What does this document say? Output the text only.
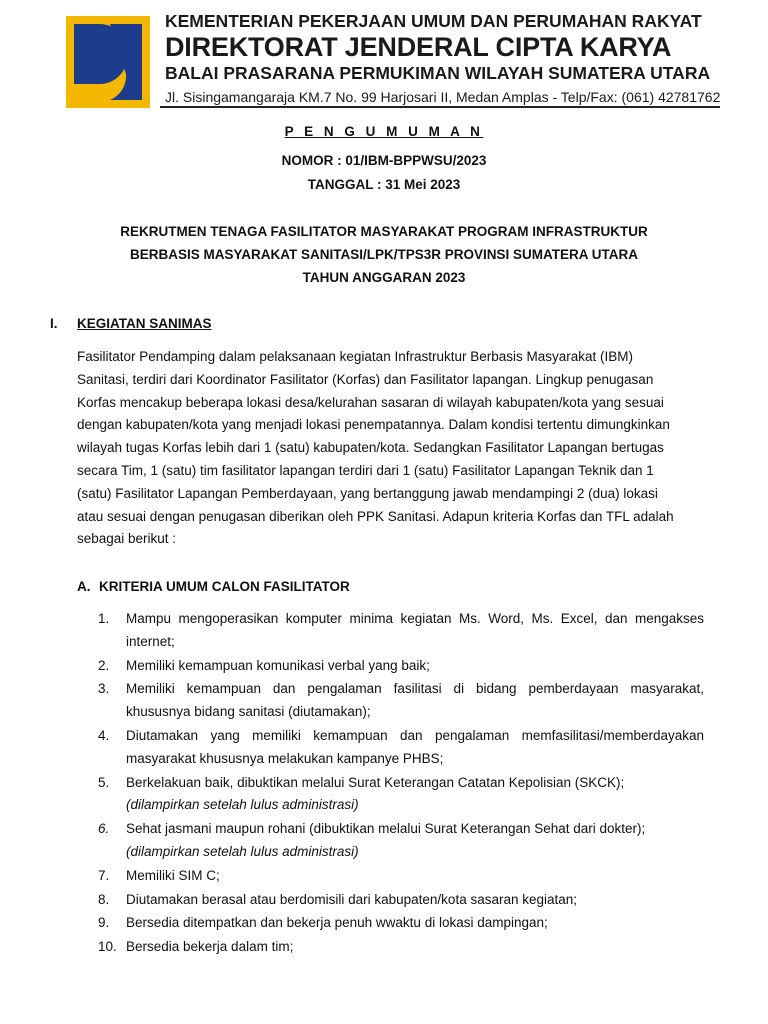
KEMENTERIAN PEKERJAAN UMUM DAN PERUMAHAN RAKYAT
DIREKTORAT JENDERAL CIPTA KARYA
BALAI PRASARANA PERMUKIMAN WILAYAH SUMATERA UTARA
Jl. Sisingamangaraja KM.7 No. 99 Harjosari II, Medan Amplas - Telp/Fax: (061) 42781762
P E N G U M U M A N
NOMOR : 01/IBM-BPPWSU/2023
TANGGAL : 31 Mei 2023
REKRUTMEN TENAGA FASILITATOR MASYARAKAT PROGRAM INFRASTRUKTUR
BERBASIS MASYARAKAT SANITASI/LPK/TPS3R PROVINSI SUMATERA UTARA
TAHUN ANGGARAN 2023
I. KEGIATAN SANIMAS
Fasilitator Pendamping dalam pelaksanaan kegiatan Infrastruktur Berbasis Masyarakat (IBM)
Sanitasi, terdiri dari Koordinator Fasilitator (Korfas) dan Fasilitator lapangan. Lingkup penugasan
Korfas mencakup beberapa lokasi desa/kelurahan sasaran di wilayah kabupaten/kota yang sesuai
dengan kabupaten/kota yang menjadi lokasi penempatannya. Dalam kondisi tertentu dimungkinkan
wilayah tugas Korfas lebih dari 1 (satu) kabupaten/kota. Sedangkan Fasilitator Lapangan bertugas
secara Tim, 1 (satu) tim fasilitator lapangan terdiri dari 1 (satu) Fasilitator Lapangan Teknik dan 1
(satu) Fasilitator Lapangan Pemberdayaan, yang bertanggung jawab mendampingi 2 (dua) lokasi
atau sesuai dengan penugasan diberikan oleh PPK Sanitasi. Adapun kriteria Korfas dan TFL adalah
sebagai berikut :
A. KRITERIA UMUM CALON FASILITATOR
1.	Mampu mengoperasikan komputer minima kegiatan Ms. Word, Ms. Excel, dan mengakses internet;
2.	Memiliki kemampuan komunikasi verbal yang baik;
3.	Memiliki kemampuan dan pengalaman fasilitasi di bidang pemberdayaan masyarakat, khususnya bidang sanitasi (diutamakan);
4.	Diutamakan yang memiliki kemampuan dan pengalaman memfasilitasi/memberdayakan masyarakat khususnya melakukan kampanye PHBS;
5.	Berkelakuan baik, dibuktikan melalui Surat Keterangan Catatan Kepolisian (SKCK);
(dilampirkan setelah lulus administrasi)
6.	Sehat jasmani maupun rohani (dibuktikan melalui Surat Keterangan Sehat dari dokter);
(dilampirkan setelah lulus administrasi)
7.	Memiliki SIM C;
8.	Diutamakan berasal atau berdomisili dari kabupaten/kota sasaran kegiatan;
9.	Bersedia ditempatkan dan bekerja penuh wwaktu di lokasi dampingan;
10. Bersedia bekerja dalam tim;
